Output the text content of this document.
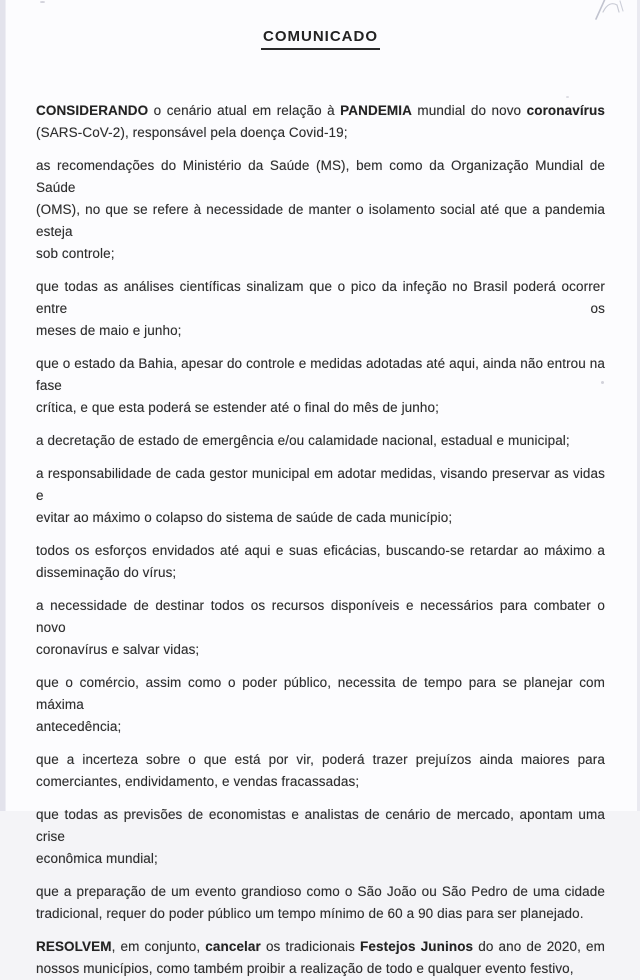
COMUNICADO
CONSIDERANDO o cenário atual em relação à PANDEMIA mundial do novo coronavírus
(SARS-CoV-2), responsável pela doença Covid-19;
as recomendações do Ministério da Saúde (MS), bem como da Organização Mundial de Saúde
(OMS), no que se refere à necessidade de manter o isolamento social até que a pandemia esteja
sob controle;
que todas as análises científicas sinalizam que o pico da infeção no Brasil poderá ocorrer entre os
meses de maio e junho;
que o estado da Bahia, apesar do controle e medidas adotadas até aqui, ainda não entrou na fase
crítica, e que esta poderá se estender até o final do mês de junho;
a decretação de estado de emergência e/ou calamidade nacional, estadual e municipal;
a responsabilidade de cada gestor municipal em adotar medidas, visando preservar as vidas e
evitar ao máximo o colapso do sistema de saúde de cada município;
todos os esforços envidados até aqui e suas eficácias, buscando-se retardar ao máximo a
disseminação do vírus;
a necessidade de destinar todos os recursos disponíveis e necessários para combater o novo
coronavírus e salvar vidas;
que o comércio, assim como o poder público, necessita de tempo para se planejar com máxima
antecedência;
que a incerteza sobre o que está por vir, poderá trazer prejuízos ainda maiores para
comerciantes, endividamento, e vendas fracassadas;
que todas as previsões de economistas e analistas de cenário de mercado, apontam uma crise
econômica mundial;
que a preparação de um evento grandioso como o São João ou São Pedro de uma cidade
tradicional, requer do poder público um tempo mínimo de 60 a 90 dias para ser planejado.
RESOLVEM, em conjunto, cancelar os tradicionais Festejos Juninos do ano de 2020, em
nossos municípios, como também proibir a realização de todo e qualquer evento festivo,
